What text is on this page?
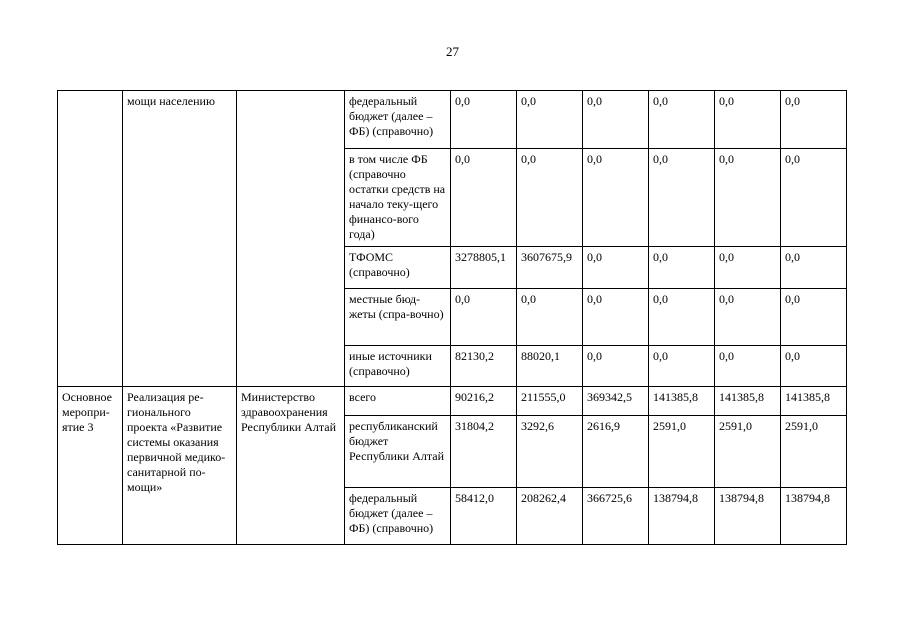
27
	мощи населению		федеральный бюджет (далее – ФБ) (справочно)	0,0	0,0	0,0	0,0	0,0	0,0
			в том числе ФБ (справочно остатки средств на начало теку-щего финансо-вого года)	0,0	0,0	0,0	0,0	0,0	0,0
			ТФОМС (справочно)	3278805,1	3607675,9	0,0	0,0	0,0	0,0
			местные бюд-жеты (спра-вочно)	0,0	0,0	0,0	0,0	0,0	0,0
			иные источники (справочно)	82130,2	88020,1	0,0	0,0	0,0	0,0
Основное меропри-ятие 3	Реализация ре-гионального проекта «Развитие системы оказания первичной медико-санитарной по-мощи»	Министерство здравоохранения Республики Алтай	всего	90216,2	211555,0	369342,5	141385,8	141385,8	141385,8
			республиканский бюджет Республики Алтай	31804,2	3292,6	2616,9	2591,0	2591,0	2591,0
			федеральный бюджет (далее – ФБ) (справочно)	58412,0	208262,4	366725,6	138794,8	138794,8	138794,8
